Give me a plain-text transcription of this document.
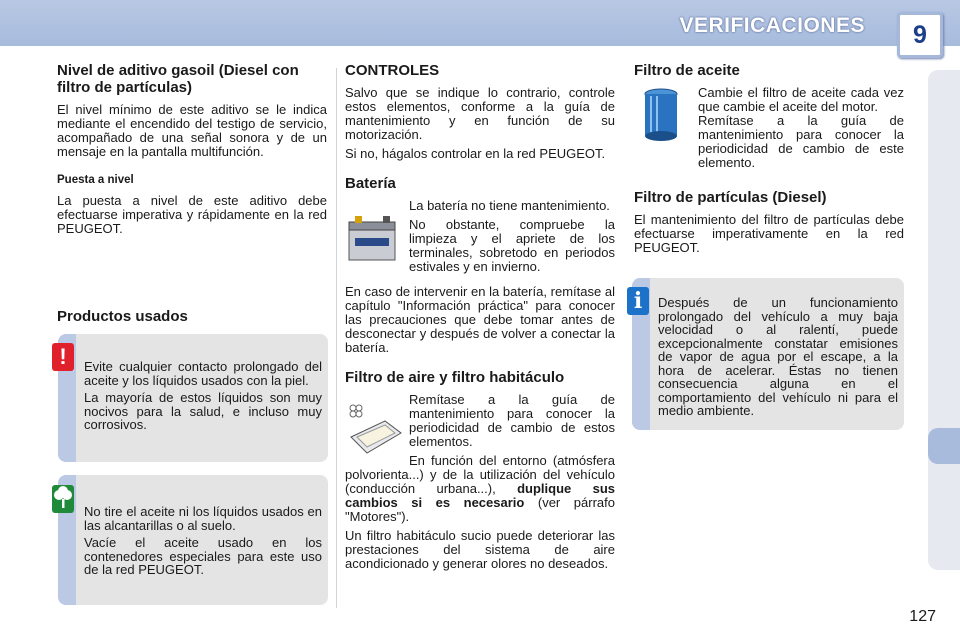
VERIFICACIONES	9
Nivel de aditivo gasoil (Diesel con filtro de partículas)

El nivel mínimo de este aditivo se le indica mediante el encendido del testigo de servicio, acompañado de una señal sonora y de un mensaje en la pantalla multifunción.

Puesta a nivel

La puesta a nivel de este aditivo debe efectuarse imperativa y rápidamente en la red PEUGEOT.

Productos usados

Evite cualquier contacto prolongado del aceite y los líquidos usados con la piel.

La mayoría de estos líquidos son muy nocivos para la salud, e incluso muy corrosivos.

!

No tire el aceite ni los líquidos usados en las alcantarillas o al suelo.

Vacíe el aceite usado en los contenedores especiales para este uso de la red PEUGEOT.

CONTROLES

Salvo que se indique lo contrario, controle estos elementos, conforme a la guía de mantenimiento y en función de su motorización.

Si no, hágalos controlar en la red PEUGEOT.

Batería

La batería no tiene mantenimiento.

No obstante, compruebe la limpieza y el apriete de los terminales, sobretodo en periodos estivales y en invierno.

En caso de intervenir en la batería, remítase al capítulo "Información práctica" para conocer las precauciones que debe tomar antes de desconectar y después de volver a conectar la batería.

Filtro de aire y filtro habitáculo

Remítase a la guía de mantenimiento para conocer la periodicidad de cambio de estos elementos.

En función del entorno (atmósfera polvorienta...) y de la utilización del vehículo (conducción urbana...), duplique sus cambios si es necesario (ver párrafo "Motores").

Un filtro habitáculo sucio puede deteriorar las prestaciones del sistema de aire acondicionado y generar olores no deseados.

Filtro de aceite

Cambie el filtro de aceite cada vez que cambie el aceite del motor.

Remítase a la guía de mantenimiento para conocer la periodicidad de cambio de este elemento.

Filtro de partículas (Diesel)

El mantenimiento del filtro de partículas debe efectuarse imperativamente en la red PEUGEOT.

Después de un funcionamiento prolongado del vehículo a muy baja velocidad o al ralentí, puede excepcionalmente constatar emisiones de vapor de agua por el escape, a la hora de acelerar. Éstas no tienen consecuencia alguna en el comportamiento del vehículo ni para el medio ambiente.

i
127
